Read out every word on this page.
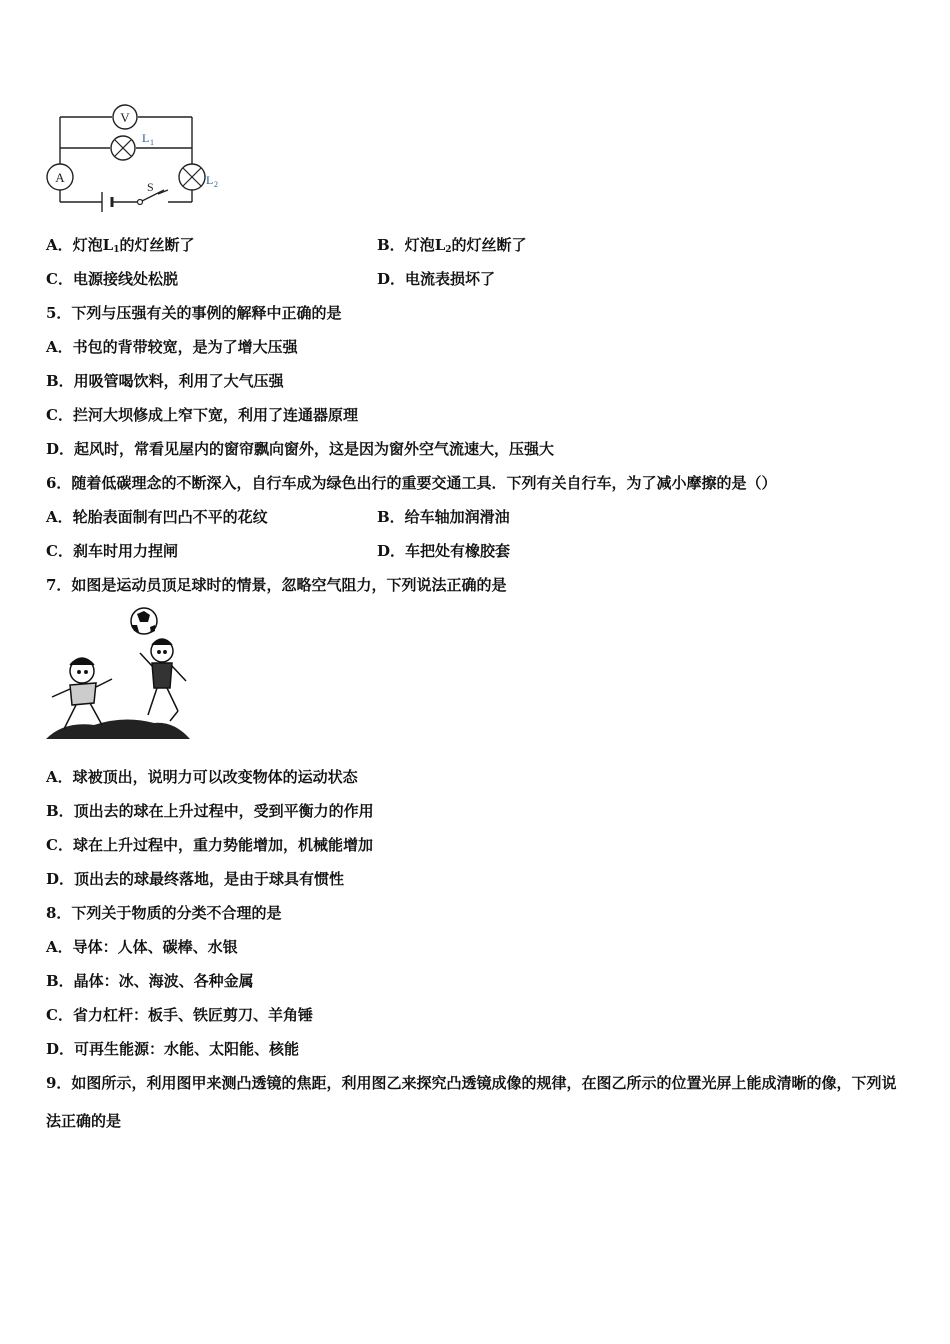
V
L 1
A	L 2
S
A．灯泡$L_1$的灯丝断了	B．灯泡$L_2$的灯丝断了
C．电源接线处松脱	D．电流表损坏了
5．下列与压强有关的事例的解释中正确的是
A．书包的背带较宽，是为了增大压强
B．用吸管喝饮料，利用了大气压强
C．拦河大坝修成上窄下宽，利用了连通器原理
D．起风时，常看见屋内的窗帘飘向窗外，这是因为窗外空气流速大，压强大
6．随着低碳理念的不断深入，自行车成为绿色出行的重要交通工具．下列有关自行车，为了减小摩擦的是（）
A．轮胎表面制有凹凸不平的花纹	B．给车轴加润滑油
C．刹车时用力捏闸	D．车把处有橡胶套
7．如图是运动员顶足球时的情景，忽略空气阻力，下列说法正确的是
A．球被顶出，说明力可以改变物体的运动状态
B．顶出去的球在上升过程中，受到平衡力的作用
C．球在上升过程中，重力势能增加，机械能增加
D．顶出去的球最终落地，是由于球具有惯性
8．下列关于物质的分类不合理的是
A．导体：人体、碳棒、水银
B．晶体：冰、海波、各种金属
C．省力杠杆：板手、铁匠剪刀、羊角锤
D．可再生能源：水能、太阳能、核能
9．如图所示，利用图甲来测凸透镜的焦距，利用图乙来探究凸透镜成像的规律，在图乙所示的位置光屏上能成清晰的像，下列说法正确的是
